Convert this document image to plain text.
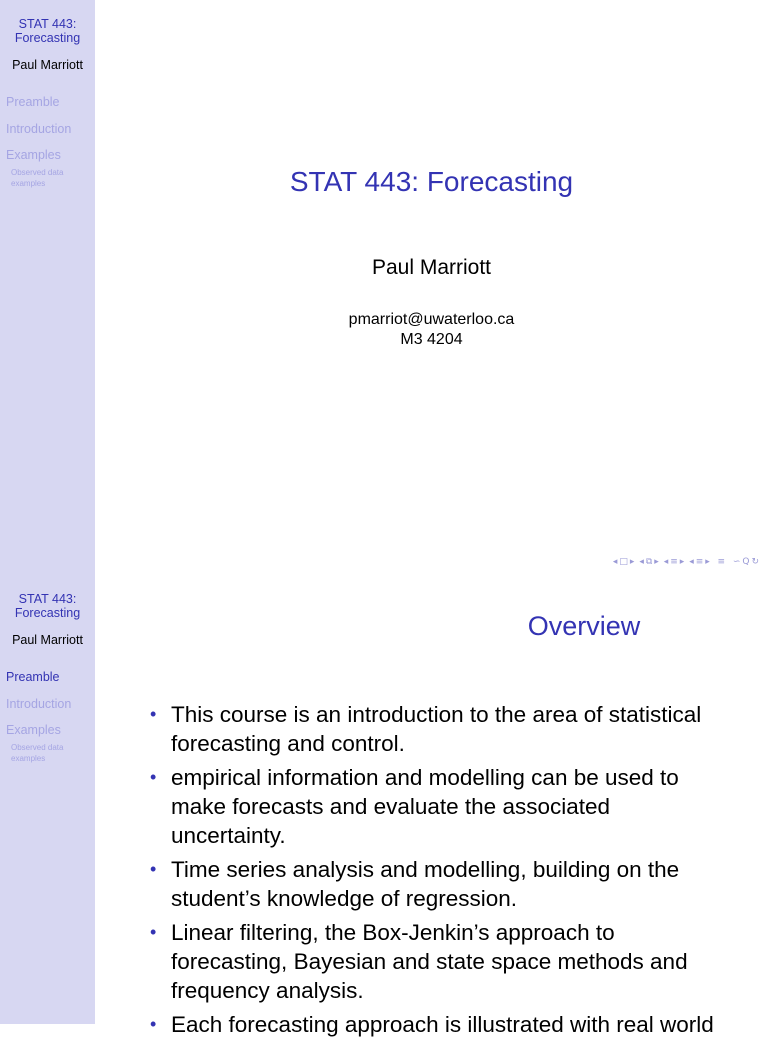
STAT 443: Forecasting
Paul Marriott
Preamble
Introduction
Examples
Observed data examples	STAT 443: Forecasting
Paul Marriott
pmarriot@uwaterloo.ca
M3 4204
◂ □ ▸ ◂ ⧉ ▸ ◂ ≡ ▸ ◂ ≡ ▸ ≡ ∽ Q ↻
STAT 443: Forecasting
Paul Marriott
Preamble
Introduction
Examples
Observed data examples
Overview
• This course is an introduction to the area of statistical forecasting and control.
• empirical information and modelling can be used to make forecasts and evaluate the associated uncertainty.
• Time series analysis and modelling, building on the student’s knowledge of regression.
• Linear filtering, the Box-Jenkin’s approach to forecasting, Bayesian and state space methods and frequency analysis.
• Each forecasting approach is illustrated with real world
